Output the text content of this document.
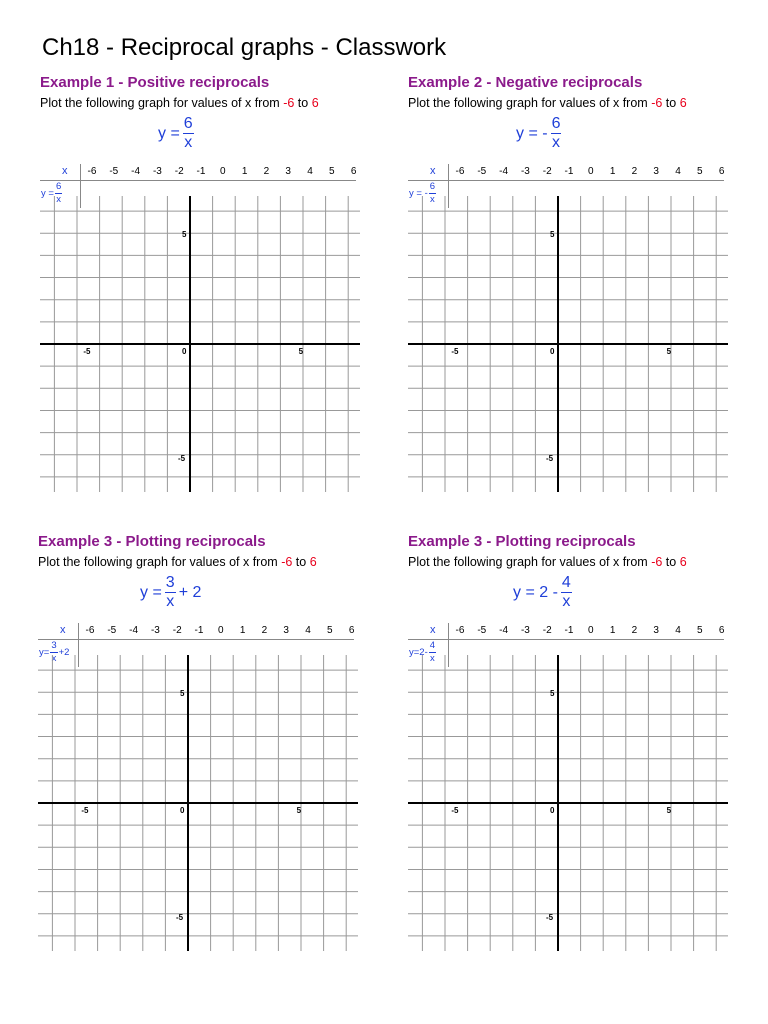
Ch18 - Reciprocal graphs - Classwork
Example 1 - Positive reciprocals
Plot the following graph for values of x from -6 to 6
$y = \frac{6}{x}$
x	-6	-5	-4	-3	-2	-1	0	1	2	3	4	5	6
$y = \frac{6}{x}$
-5	0	5
5
-5
Example 2 - Negative reciprocals
Plot the following graph for values of x from -6 to 6
y = - $\frac{6}{x}$
x	-6	-5	-4	-3	-2	-1	0	1	2	3	4	5	6
y = - $\frac{6}{x}$
-5	0	5
5
-5
Example 3 - Plotting reciprocals
Plot the following graph for values of x from -6 to 6
$y = \frac{3}{x} + 2$
x	-6	-5	-4	-3	-2	-1	0	1	2	3	4	5	6
$y= \frac{3}{x} +2$
-5	0	5
5
-5
Example 3 - Plotting reciprocals
Plot the following graph for values of x from -6 to 6
$y = 2 - \frac{4}{x}$
x	-6	-5	-4	-3	-2	-1	0	1	2	3	4	5	6
$y=2- \frac{4}{x}$
-5	0	5
5
-5
